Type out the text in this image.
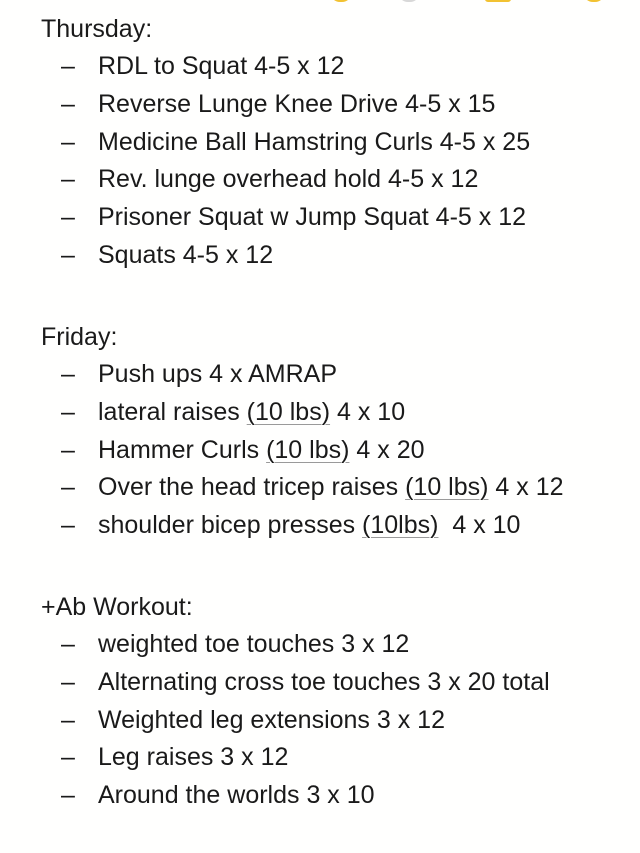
Thursday:
– RDL to Squat 4-5 x 12
– Reverse Lunge Knee Drive 4-5 x 15
– Medicine Ball Hamstring Curls 4-5 x 25
– Rev. lunge overhead hold 4-5 x 12
– Prisoner Squat w Jump Squat 4-5 x 12
– Squats 4-5 x 12
Friday:
– Push ups 4 x AMRAP
– lateral raises (10 lbs) 4 x 10
– Hammer Curls (10 lbs) 4 x 20
– Over the head tricep raises (10 lbs) 4 x 12
– shoulder bicep presses (10lbs)  4 x 10
+Ab Workout:
– weighted toe touches 3 x 12
– Alternating cross toe touches 3 x 20 total
– Weighted leg extensions 3 x 12
– Leg raises 3 x 12
– Around the worlds 3 x 10
